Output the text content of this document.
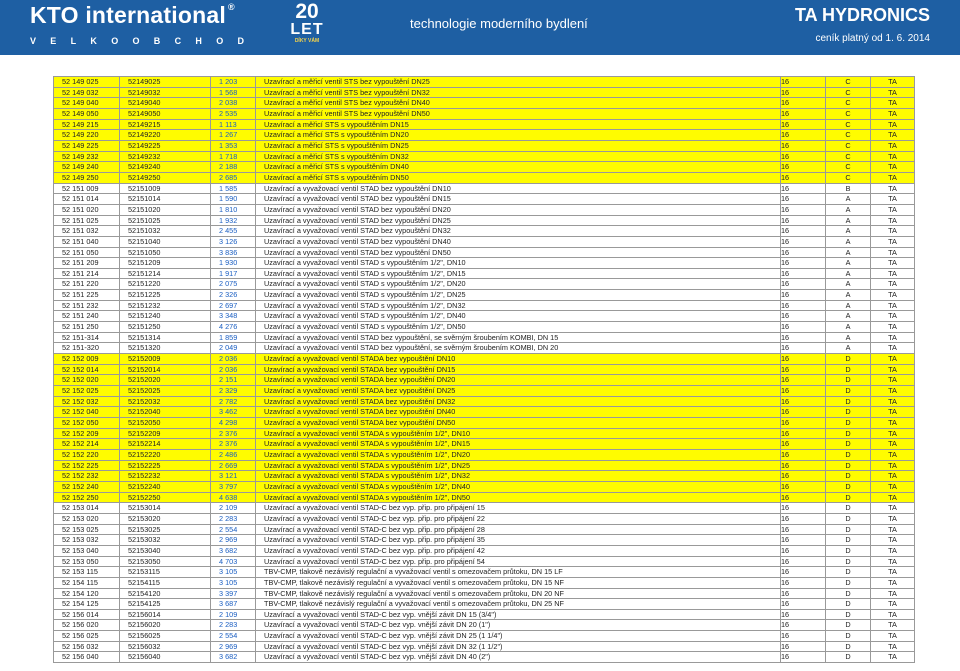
KTO international ®
VELKOOBCHOD
20
LET
DÍKY VÁM
technologie moderního bydlení	TA HYDRONICS
ceník platný od 1. 6. 2014
52 149 025	52149025	1 203	Uzavírací a měřicí ventil STS bez vypouštění DN25	16	C	TA
52 149 032	52149032	1 568	Uzavírací a měřicí ventil STS bez vypouštění DN32	16	C	TA
52 149 040	52149040	2 038	Uzavírací a měřicí ventil STS bez vypouštění DN40	16	C	TA
52 149 050	52149050	2 535	Uzavírací a měřicí ventil STS bez vypouštění DN50	16	C	TA
52 149 215	52149215	1 113	Uzavírací a měřicí STS s vypouštěním DN15	16	C	TA
52 149 220	52149220	1 267	Uzavírací a měřicí STS s vypouštěním DN20	16	C	TA
52 149 225	52149225	1 353	Uzavírací a měřicí STS s vypouštěním DN25	16	C	TA
52 149 232	52149232	1 718	Uzavírací a měřicí STS s vypouštěním DN32	16	C	TA
52 149 240	52149240	2 188	Uzavírací a měřicí STS s vypouštěním DN40	16	C	TA
52 149 250	52149250	2 685	Uzavírací a měřicí STS s vypouštěním DN50	16	C	TA
52 151 009	52151009	1 585	Uzavírací a vyvažovací ventil STAD bez vypouštění DN10	16	B	TA
52 151 014	52151014	1 590	Uzavírací a vyvažovací ventil STAD bez vypouštění DN15	16	A	TA
52 151 020	52151020	1 810	Uzavírací a vyvažovací ventil STAD bez vypouštění DN20	16	A	TA
52 151 025	52151025	1 932	Uzavírací a vyvažovací ventil STAD bez vypouštění DN25	16	A	TA
52 151 032	52151032	2 455	Uzavírací a vyvažovací ventil STAD bez vypouštění DN32	16	A	TA
52 151 040	52151040	3 126	Uzavírací a vyvažovací ventil STAD bez vypouštění DN40	16	A	TA
52 151 050	52151050	3 836	Uzavírací a vyvažovací ventil STAD bez vypouštění DN50	16	A	TA
52 151 209	52151209	1 930	Uzavírací a vyvažovací ventil STAD s vypouštěním 1/2", DN10	16	A	TA
52 151 214	52151214	1 917	Uzavírací a vyvažovací ventil STAD s vypouštěním 1/2", DN15	16	A	TA
52 151 220	52151220	2 075	Uzavírací a vyvažovací ventil STAD s vypouštěním 1/2", DN20	16	A	TA
52 151 225	52151225	2 326	Uzavírací a vyvažovací ventil STAD s vypouštěním 1/2", DN25	16	A	TA
52 151 232	52151232	2 697	Uzavírací a vyvažovací ventil STAD s vypouštěním 1/2", DN32	16	A	TA
52 151 240	52151240	3 348	Uzavírací a vyvažovací ventil STAD s vypouštěním 1/2", DN40	16	A	TA
52 151 250	52151250	4 276	Uzavírací a vyvažovací ventil STAD s vypouštěním 1/2", DN50	16	A	TA
52 151-314	52151314	1 859	Uzavírací a vyvažovací ventil STAD bez vypouštění, se svěrným šroubením KOMBI, DN 15	16	A	TA
52 151-320	52151320	2 049	Uzavírací a vyvažovací ventil STAD bez vypouštění, se svěrným šroubením KOMBI, DN 20	16	A	TA
52 152 009	52152009	2 036	Uzavírací a vyvažovací ventil STADA bez vypouštění DN10	16	D	TA
52 152 014	52152014	2 036	Uzavírací a vyvažovací ventil STADA bez vypouštění DN15	16	D	TA
52 152 020	52152020	2 151	Uzavírací a vyvažovací ventil STADA bez vypouštění DN20	16	D	TA
52 152 025	52152025	2 329	Uzavírací a vyvažovací ventil STADA bez vypouštění DN25	16	D	TA
52 152 032	52152032	2 782	Uzavírací a vyvažovací ventil STADA bez vypouštění DN32	16	D	TA
52 152 040	52152040	3 462	Uzavírací a vyvažovací ventil STADA bez vypouštění DN40	16	D	TA
52 152 050	52152050	4 298	Uzavírací a vyvažovací ventil STADA bez vypouštění DN50	16	D	TA
52 152 209	52152209	2 376	Uzavírací a vyvažovací ventil STADA s vypouštěním 1/2", DN10	16	D	TA
52 152 214	52152214	2 376	Uzavírací a vyvažovací ventil STADA s vypouštěním 1/2", DN15	16	D	TA
52 152 220	52152220	2 486	Uzavírací a vyvažovací ventil STADA s vypouštěním 1/2", DN20	16	D	TA
52 152 225	52152225	2 669	Uzavírací a vyvažovací ventil STADA s vypouštěním 1/2", DN25	16	D	TA
52 152 232	52152232	3 121	Uzavírací a vyvažovací ventil STADA s vypouštěním 1/2", DN32	16	D	TA
52 152 240	52152240	3 797	Uzavírací a vyvažovací ventil STADA s vypouštěním 1/2", DN40	16	D	TA
52 152 250	52152250	4 638	Uzavírací a vyvažovací ventil STADA s vypouštěním 1/2", DN50	16	D	TA
52 153 014	52153014	2 109	Uzavírací a vyvažovací ventil STAD-C bez vyp. přip. pro připájení 15	16	D	TA
52 153 020	52153020	2 283	Uzavírací a vyvažovací ventil STAD-C bez vyp. přip. pro připájení 22	16	D	TA
52 153 025	52153025	2 554	Uzavírací a vyvažovací ventil STAD-C bez vyp. přip. pro připájení 28	16	D	TA
52 153 032	52153032	2 969	Uzavírací a vyvažovací ventil STAD-C bez vyp. přip. pro připájení 35	16	D	TA
52 153 040	52153040	3 682	Uzavírací a vyvažovací ventil STAD-C bez vyp. přip. pro připájení 42	16	D	TA
52 153 050	52153050	4 703	Uzavírací a vyvažovací ventil STAD-C bez vyp. přip. pro připájení 54	16	D	TA
52 153 115	52153115	3 105	TBV-CMP, tlakově nezávislý regulační a vyvažovací ventil s omezovačem průtoku, DN 15 LF	16	D	TA
52 154 115	52154115	3 105	TBV-CMP, tlakově nezávislý regulační a vyvažovací ventil s omezovačem průtoku, DN 15 NF	16	D	TA
52 154 120	52154120	3 397	TBV-CMP, tlakově nezávislý regulační a vyvažovací ventil s omezovačem průtoku, DN 20 NF	16	D	TA
52 154 125	52154125	3 687	TBV-CMP, tlakově nezávislý regulační a vyvažovací ventil s omezovačem průtoku, DN 25 NF	16	D	TA
52 156 014	52156014	2 109	Uzavírací a vyvažovací ventil STAD-C bez vyp. vnější závit DN 15 (3/4")	16	D	TA
52 156 020	52156020	2 283	Uzavírací a vyvažovací ventil STAD-C bez vyp. vnější závit DN 20 (1")	16	D	TA
52 156 025	52156025	2 554	Uzavírací a vyvažovací ventil STAD-C bez vyp. vnější závit DN 25 (1 1/4")	16	D	TA
52 156 032	52156032	2 969	Uzavírací a vyvažovací ventil STAD-C bez vyp. vnější závit DN 32 (1 1/2")	16	D	TA
52 156 040	52156040	3 682	Uzavírací a vyvažovací ventil STAD-C bez vyp. vnější závit DN 40 (2")	16	D	TA
